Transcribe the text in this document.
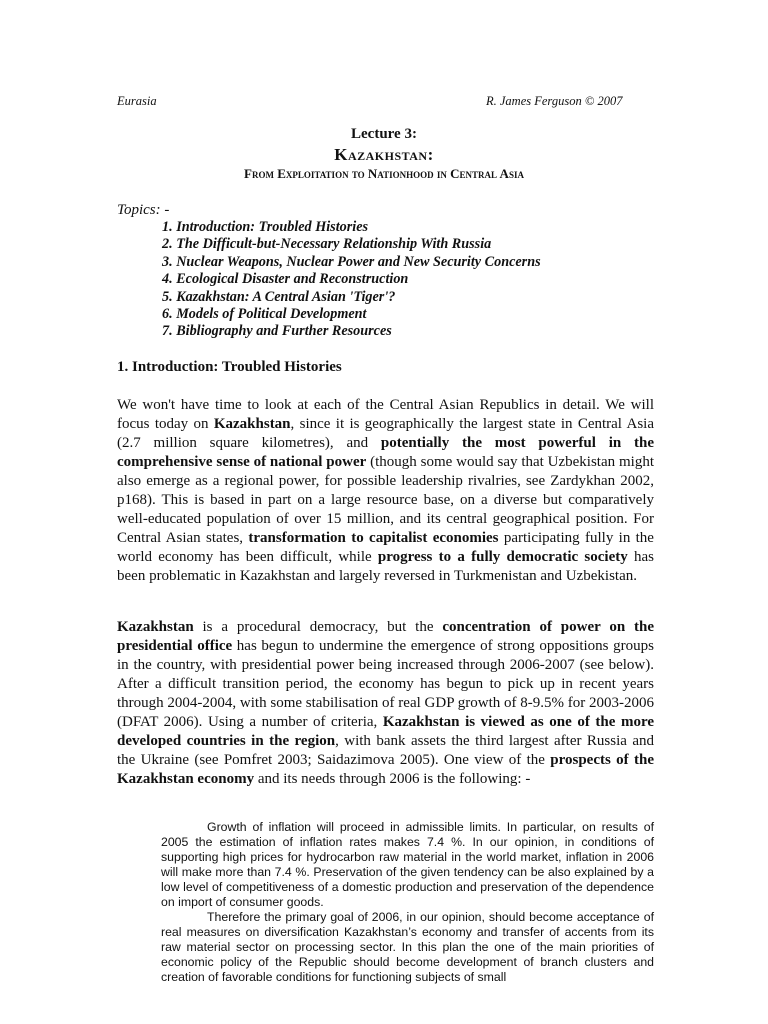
Eurasia	R. James Ferguson © 2007
Lecture 3:
Kazakhstan:
From Exploitation to Nationhood in Central Asia
Topics: -
1. Introduction: Troubled Histories
2. The Difficult-but-Necessary Relationship With Russia
3. Nuclear Weapons, Nuclear Power and New Security Concerns
4. Ecological Disaster and Reconstruction
5. Kazakhstan: A Central Asian 'Tiger'?
6. Models of Political Development
7. Bibliography and Further Resources
1. Introduction: Troubled Histories

We won't have time to look at each of the Central Asian Republics in detail. We will focus today on Kazakhstan, since it is geographically the largest state in Central Asia (2.7 million square kilometres), and potentially the most powerful in the comprehensive sense of national power (though some would say that Uzbekistan might also emerge as a regional power, for possible leadership rivalries, see Zardykhan 2002, p168). This is based in part on a large resource base, on a diverse but comparatively well-educated population of over 15 million, and its central geographical position. For Central Asian states, transformation to capitalist economies participating fully in the world economy has been difficult, while progress to a fully democratic society has been problematic in Kazakhstan and largely reversed in Turkmenistan and Uzbekistan.

Kazakhstan is a procedural democracy, but the concentration of power on the presidential office has begun to undermine the emergence of strong oppositions groups in the country, with presidential power being increased through 2006-2007 (see below). After a difficult transition period, the economy has begun to pick up in recent years through 2004-2004, with some stabilisation of real GDP growth of 8-9.5% for 2003-2006 (DFAT 2006). Using a number of criteria, Kazakhstan is viewed as one of the more developed countries in the region, with bank assets the third largest after Russia and the Ukraine (see Pomfret 2003; Saidazimova 2005). One view of the prospects of the Kazakhstan economy and its needs through 2006 is the following: -

Growth of inflation will proceed in admissible limits. In particular, on results of 2005 the estimation of inflation rates makes 7.4 %. In our opinion, in conditions of supporting high prices for hydrocarbon raw material in the world market, inflation in 2006 will make more than 7.4 %. Preservation of the given tendency can be also explained by a low level of competitiveness of a domestic production and preservation of the dependence on import of consumer goods.

Therefore the primary goal of 2006, in our opinion, should become acceptance of real measures on diversification Kazakhstan’s economy and transfer of accents from its raw material sector on processing sector. In this plan the one of the main priorities of economic policy of the Republic should become development of branch clusters and creation of favorable conditions for functioning subjects of small
